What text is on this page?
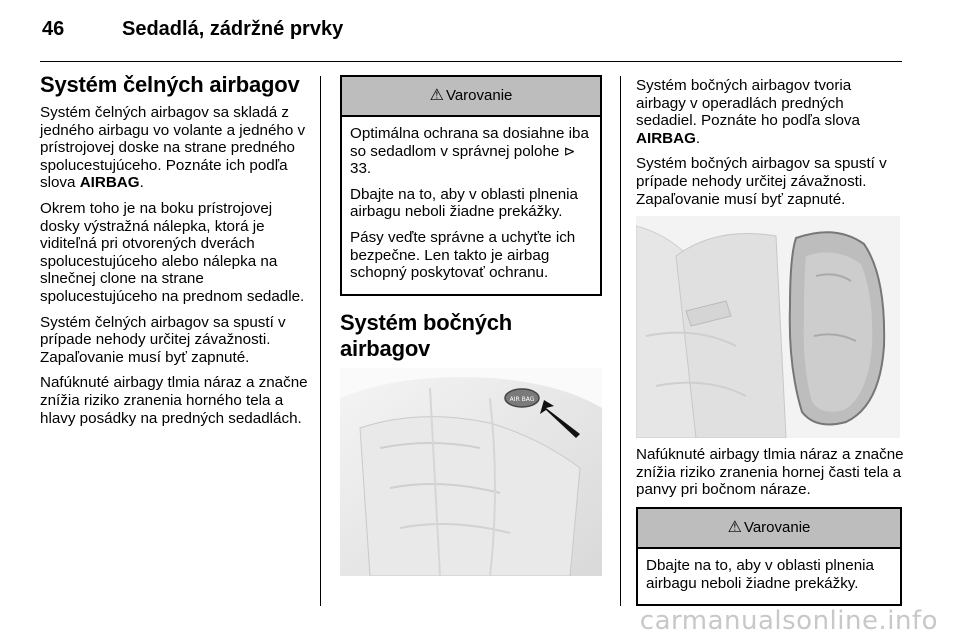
46	Sedadlá, zádržné prvky
Systém čelných airbagov

Systém čelných airbagov sa skladá z jedného airbagu vo volante a jedného v prístrojovej doske na strane predného spolucestujúceho. Poznáte ich podľa slova AIRBAG.

Okrem toho je na boku prístrojovej dosky výstražná nálepka, ktorá je viditeľná pri otvorených dverách spolucestujúceho alebo nálepka na slnečnej clone na strane spolucestujúceho na prednom sedadle.

Systém čelných airbagov sa spustí v prípade nehody určitej závažnosti. Zapaľovanie musí byť zapnuté.

Nafúknuté airbagy tlmia náraz a značne znížia riziko zranenia horného tela a hlavy posádky na predných sedadlách.

⚠ Varovanie

Optimálna ochrana sa dosiahne iba so sedadlom v správnej polohe ⊳ 33.

Dbajte na to, aby v oblasti plnenia airbagu neboli žiadne prekážky.

Pásy veďte správne a uchyťte ich bezpečne. Len takto je airbag schopný poskytovať ochranu.

Systém bočných airbagov
AIR BAG

Systém bočných airbagov tvoria airbagy v operadlách predných sedadiel. Poznáte ho podľa slova AIRBAG.

Systém bočných airbagov sa spustí v prípade nehody určitej závažnosti. Zapaľovanie musí byť zapnuté.

Nafúknuté airbagy tlmia náraz a značne znížia riziko zranenia hornej časti tela a panvy pri bočnom náraze.

⚠ Varovanie

Dbajte na to, aby v oblasti plnenia airbagu neboli žiadne prekážky.

carmanualsonline.info
